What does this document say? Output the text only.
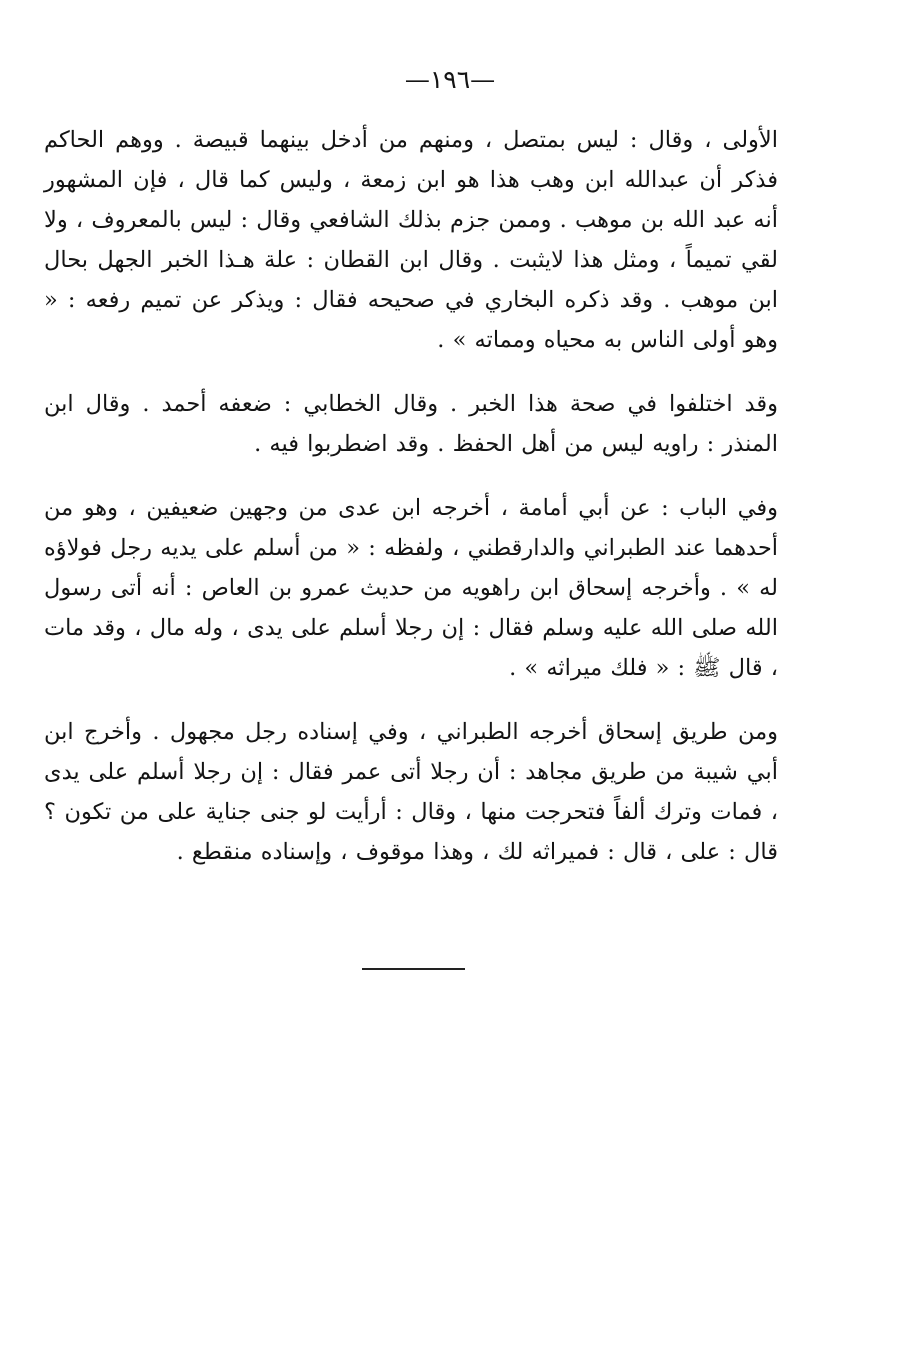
—١٩٦—

الأولى ، وقال : ليس بمتصل ، ومنهم من أدخل بينهما قبيصة . ووهم الحاكم فذكر أن عبدالله ابن وهب هذا هو ابن زمعة ، وليس كما قال ، فإن المشهور أنه عبد الله بن موهب . وممن جزم بذلك الشافعي وقال : ليس بالمعروف ، ولا لقي تميماً ، ومثل هذا لايثبت . وقال ابن القطان : علة هـذا الخبر الجهل بحال ابن موهب . وقد ذكره البخاري في صحيحه فقال : ويذكر عن تميم رفعه : « وهو أولى الناس به محياه ومماته » .

وقد اختلفوا في صحة هذا الخبر . وقال الخطابي : ضعفه أحمد . وقال ابن المنذر : راويه ليس من أهل الحفظ . وقد اضطربوا فيه .

وفي الباب : عن أبي أمامة ، أخرجه ابن عدى من وجهين ضعيفين ، وهو من أحدهما عند الطبراني والدارقطني ، ولفظه : « من أسلم على يديه رجل فولاؤه له » . وأخرجه إسحاق ابن راهويه من حديث عمرو بن العاص : أنه أتى رسول الله صلى الله عليه وسلم فقال : إن رجلا أسلم على يدى ، وله مال ، وقد مات ، قال ﷺ : « فلك ميراثه » .

ومن طريق إسحاق أخرجه الطبراني ، وفي إسناده رجل مجهول . وأخرج ابن أبي شيبة من طريق مجاهد : أن رجلا أتى عمر فقال : إن رجلا أسلم على يدى ، فمات وترك ألفاً فتحرجت منها ، وقال : أرأيت لو جنى جناية على من تكون ؟ قال : على ، قال : فميراثه لك ، وهذا موقوف ، وإسناده منقطع .
